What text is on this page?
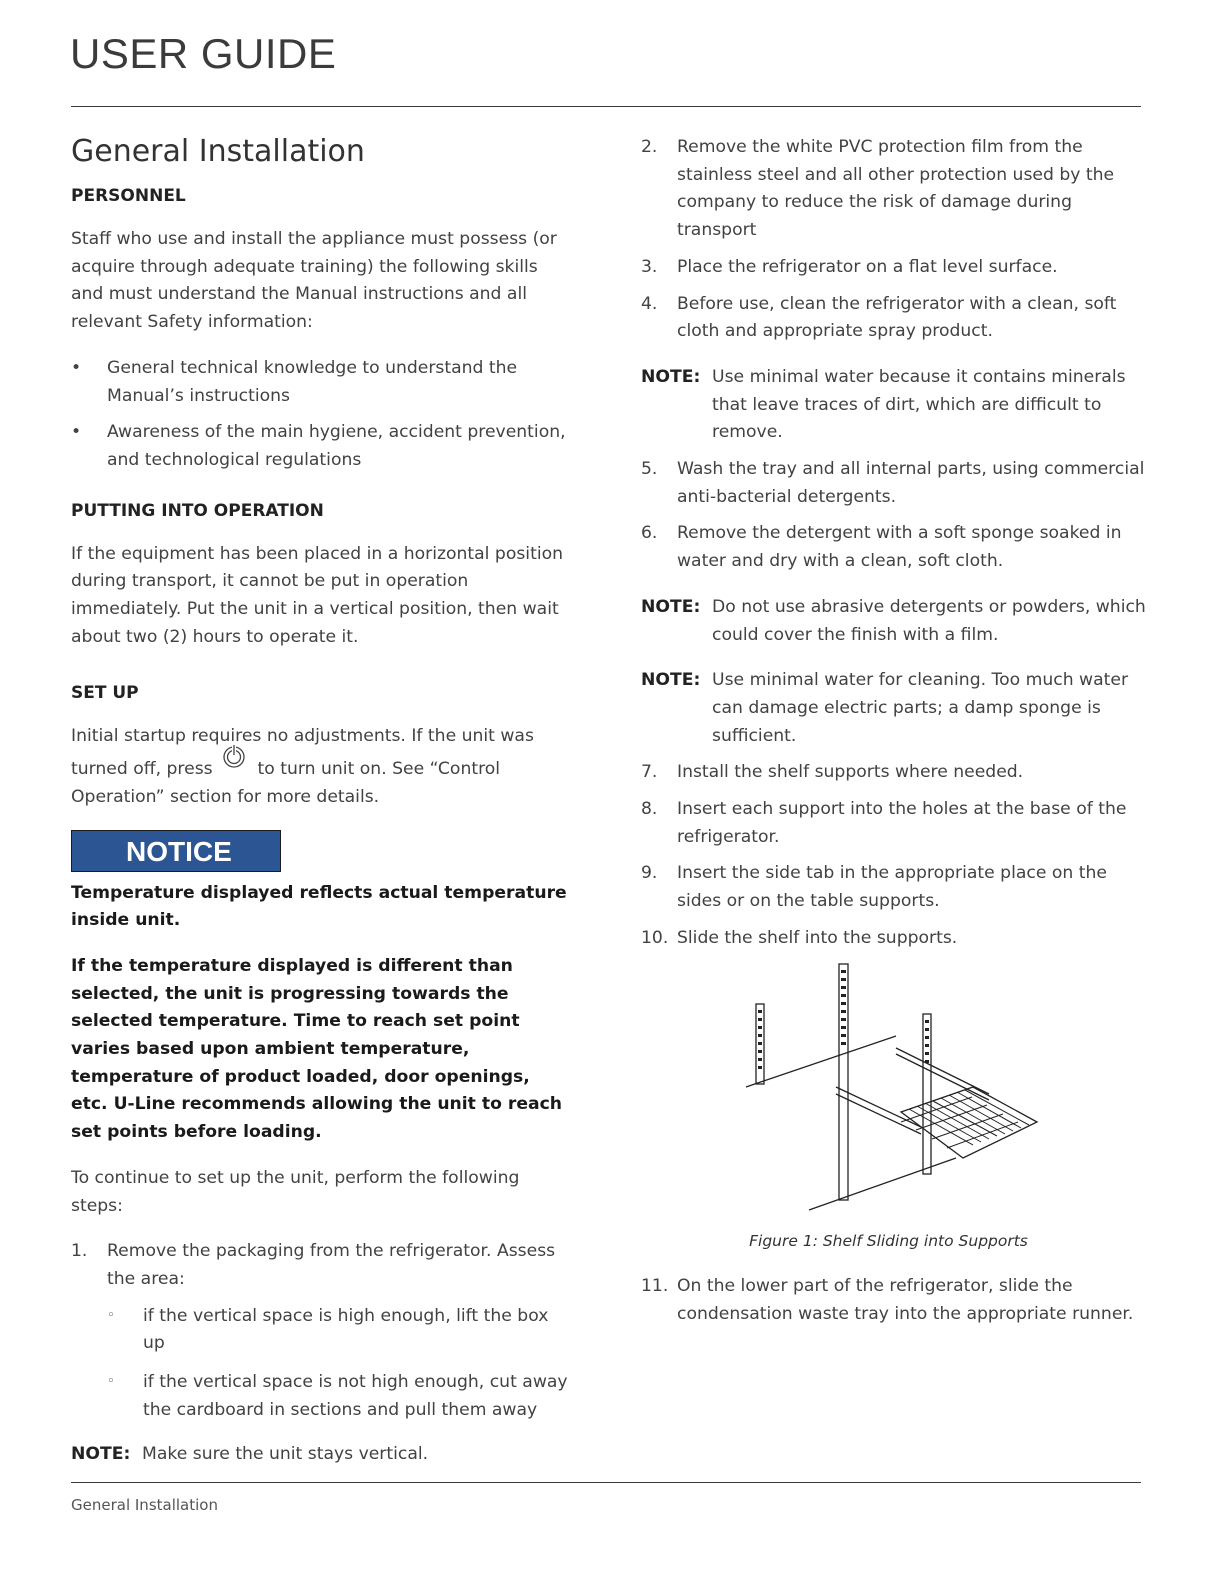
USER GUIDE
General Installation
PERSONNEL

Staff who use and install the appliance must possess (or acquire through adequate training) the following skills and must understand the Manual instructions and all relevant Safety information:

• General technical knowledge to understand the Manual’s instructions
• Awareness of the main hygiene, accident prevention, and technological regulations
PUTTING INTO OPERATION

If the equipment has been placed in a horizontal position during transport, it cannot be put in operation immediately. Put the unit in a vertical position, then wait about two (2) hours to operate it.

SET UP

Initial startup requires no adjustments. If the unit was turned off, press	to turn unit on. See “Control Operation” section for more details.

NOTICE

Temperature displayed reflects actual temperature inside unit.

If the temperature displayed is different than selected, the unit is progressing towards the selected temperature. Time to reach set point varies based upon ambient temperature, temperature of product loaded, door openings, etc. U-Line recommends allowing the unit to reach set points before loading.

To continue to set up the unit, perform the following steps:

1. Remove the packaging from the refrigerator. Assess the area:
◦ if the vertical space is high enough, lift the box up
◦ if the vertical space is not high enough, cut away the cardboard in sections and pull them away
NOTE: Make sure the unit stays vertical.
2. Remove the white PVC protection film from the stainless steel and all other protection used by the company to reduce the risk of damage during transport
3. Place the refrigerator on a flat level surface.
4. Before use, clean the refrigerator with a clean, soft cloth and appropriate spray product.
NOTE: Use minimal water because it contains minerals that leave traces of dirt, which are difficult to remove.
5. Wash the tray and all internal parts, using commercial anti-bacterial detergents.
6. Remove the detergent with a soft sponge soaked in water and dry with a clean, soft cloth.
NOTE: Do not use abrasive detergents or powders, which could cover the finish with a film.
NOTE: Use minimal water for cleaning. Too much water can damage electric parts; a damp sponge is sufficient.
7. Install the shelf supports where needed.
8. Insert each support into the holes at the base of the refrigerator.
9. Insert the side tab in the appropriate place on the sides or on the table supports.
10. Slide the shelf into the supports.
Figure 1: Shelf Sliding into Supports
11. On the lower part of the refrigerator, slide the condensation waste tray into the appropriate runner.
General Installation
